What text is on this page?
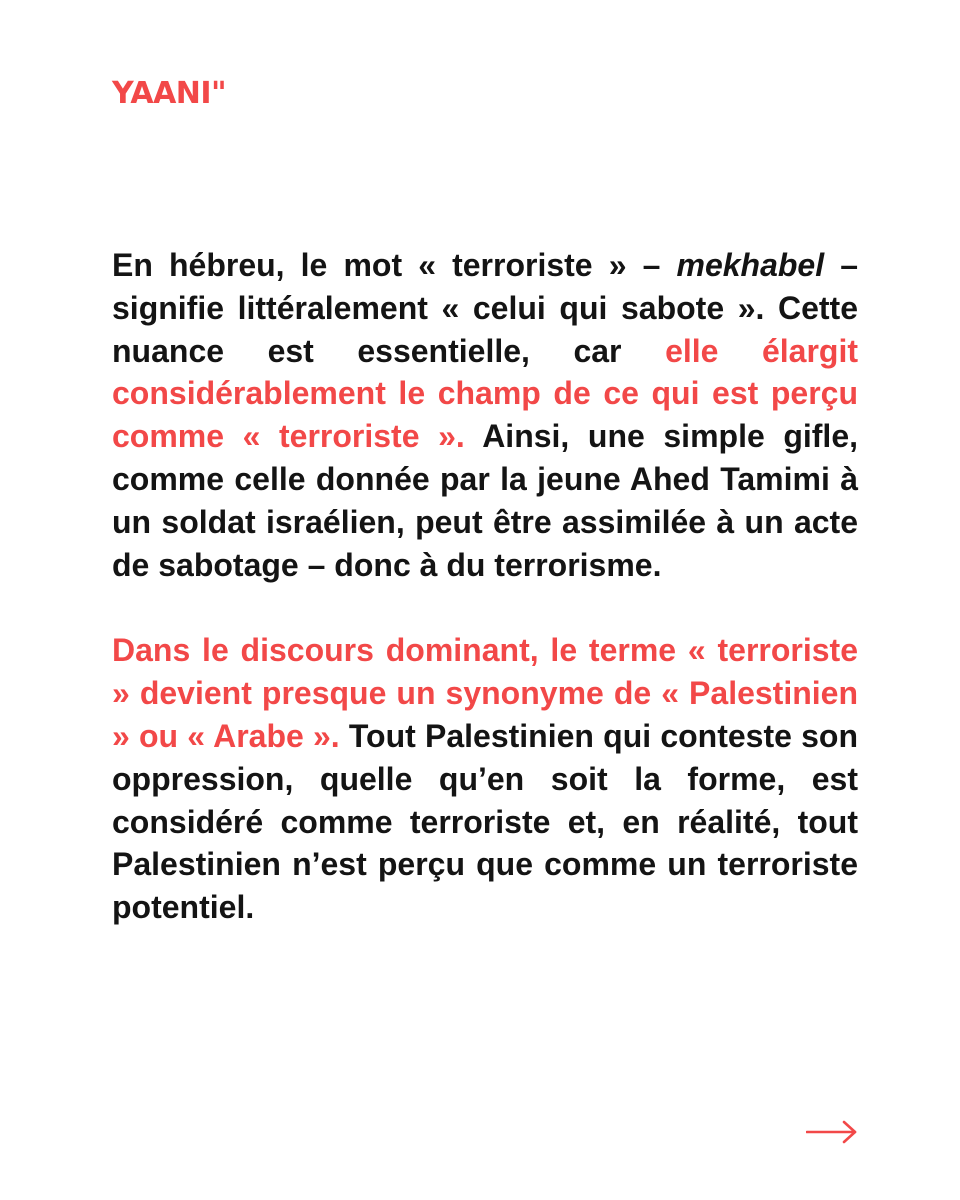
YAANI"

En hébreu, le mot « terroriste » – mekhabel – signifie littéralement « celui qui sabote ». Cette nuance est essentielle, car elle élargit considérablement le champ de ce qui est perçu comme « terroriste ». Ainsi, une simple gifle, comme celle donnée par la jeune Ahed Tamimi à un soldat israélien, peut être assimilée à un acte de sabotage – donc à du terrorisme.

Dans le discours dominant, le terme « terroriste » devient presque un synonyme de « Palestinien » ou « Arabe ». Tout Palestinien qui conteste son oppression, quelle qu’en soit la forme, est considéré comme terroriste et, en réalité, tout Palestinien n’est perçu que comme un terroriste potentiel.
